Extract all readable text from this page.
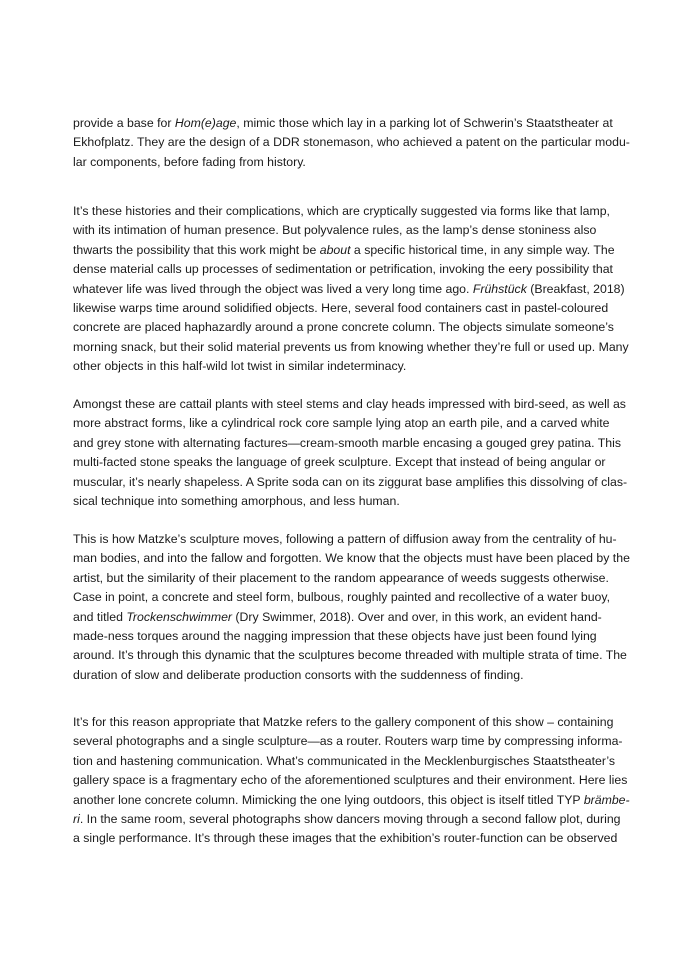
provide a base for Hom(e)age, mimic those which lay in a parking lot of Schwerin’s Staatstheater at
Ekhofplatz. They are the design of a DDR stonemason, who achieved a patent on the particular modu-
lar components, before fading from history.
It’s these histories and their complications, which are cryptically suggested via forms like that lamp,
with its intimation of human presence. But polyvalence rules, as the lamp’s dense stoniness also
thwarts the possibility that this work might be about a specific historical time, in any simple way. The
dense material calls up processes of sedimentation or petrification, invoking the eery possibility that
whatever life was lived through the object was lived a very long time ago. Frühstück (Breakfast, 2018)
likewise warps time around solidified objects. Here, several food containers cast in pastel-coloured
concrete are placed haphazardly around a prone concrete column. The objects simulate someone’s
morning snack, but their solid material prevents us from knowing whether they’re full or used up. Many
other objects in this half-wild lot twist in similar indeterminacy.
Amongst these are cattail plants with steel stems and clay heads impressed with bird-seed, as well as
more abstract forms, like a cylindrical rock core sample lying atop an earth pile, and a carved white
and grey stone with alternating factures—cream-smooth marble encasing a gouged grey patina. This
multi-facted stone speaks the language of greek sculpture. Except that instead of being angular or
muscular, it’s nearly shapeless. A Sprite soda can on its ziggurat base amplifies this dissolving of clas-
sical technique into something amorphous, and less human.
This is how Matzke’s sculpture moves, following a pattern of diffusion away from the centrality of hu-
man bodies, and into the fallow and forgotten. We know that the objects must have been placed by the
artist, but the similarity of their placement to the random appearance of weeds suggests otherwise.
Case in point, a concrete and steel form, bulbous, roughly painted and recollective of a water buoy,
and titled Trockenschwimmer (Dry Swimmer, 2018). Over and over, in this work, an evident hand-
made-ness torques around the nagging impression that these objects have just been found lying
around. It’s through this dynamic that the sculptures become threaded with multiple strata of time. The
duration of slow and deliberate production consorts with the suddenness of finding.
It’s for this reason appropriate that Matzke refers to the gallery component of this show – containing
several photographs and a single sculpture—as a router. Routers warp time by compressing informa-
tion and hastening communication. What’s communicated in the Mecklenburgisches Staatstheater’s
gallery space is a fragmentary echo of the aforementioned sculptures and their environment. Here lies
another lone concrete column. Mimicking the one lying outdoors, this object is itself titled TYP brämbe-
ri. In the same room, several photographs show dancers moving through a second fallow plot, during
a single performance. It’s through these images that the exhibition’s router-function can be observed
